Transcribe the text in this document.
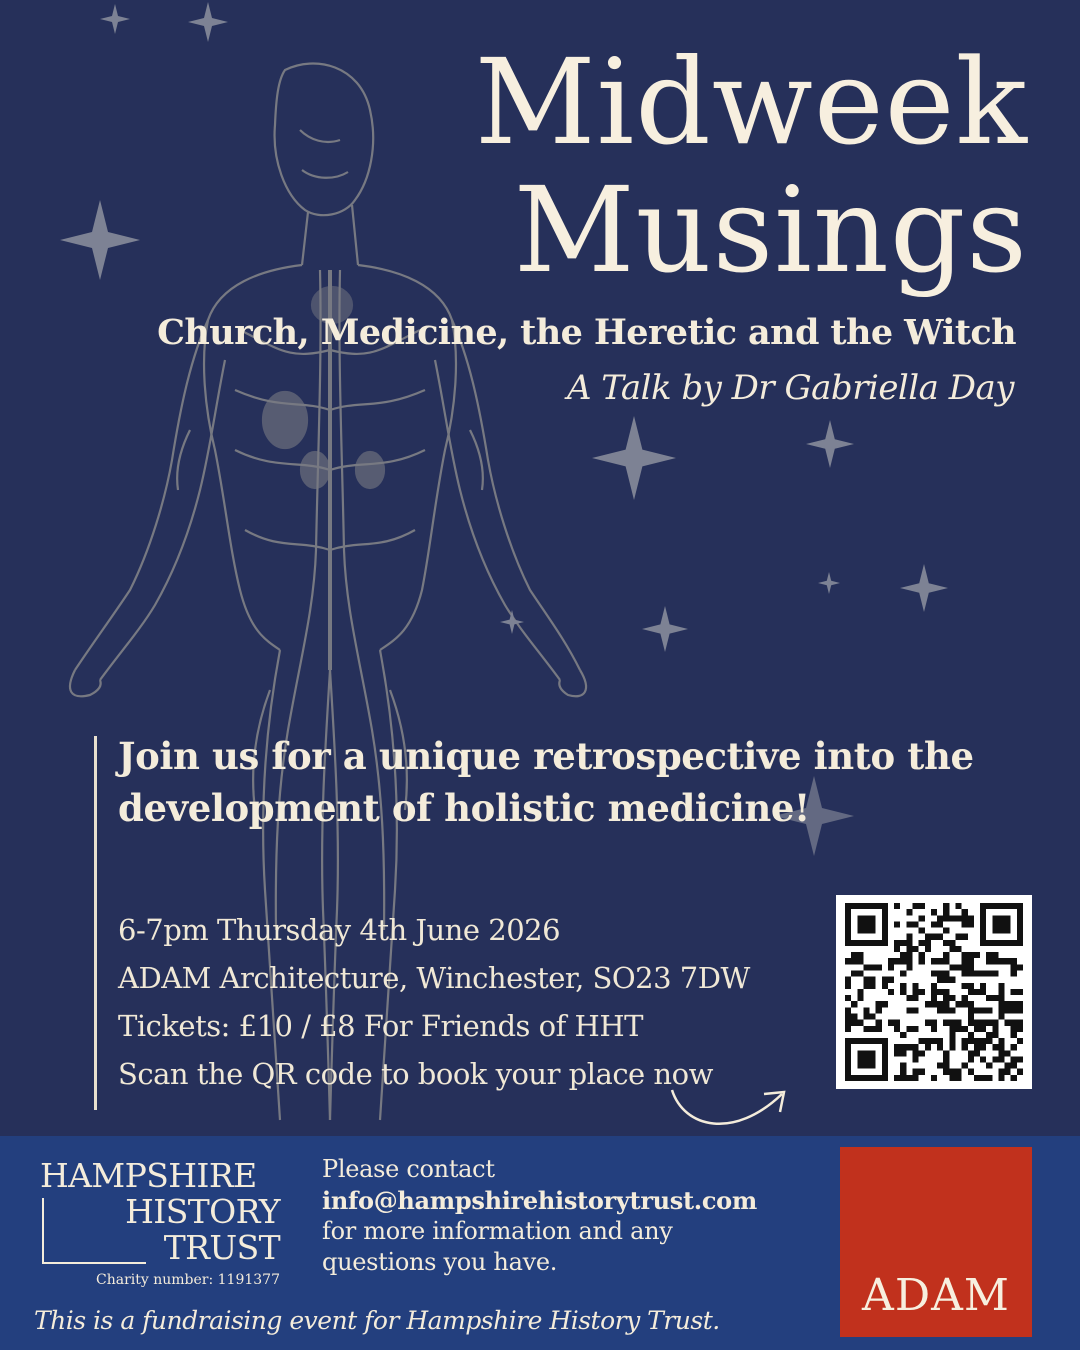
Midweek
Musings
Church, Medicine, the Heretic and the Witch
A Talk by Dr Gabriella Day
Join us for a unique retrospective into the development of holistic medicine!
6-7pm Thursday 4th June 2026
ADAM Architecture, Winchester, SO23 7DW
Tickets: £10 / £8 For Friends of HHT
Scan the QR code to book your place now
HAMPSHIRE
HISTORY
TRUST
Charity number: 1191377
Please contact
info@hampshirehistorytrust.com
for more information and any
questions you have.
This is a fundraising event for Hampshire History Trust.	ADAM
